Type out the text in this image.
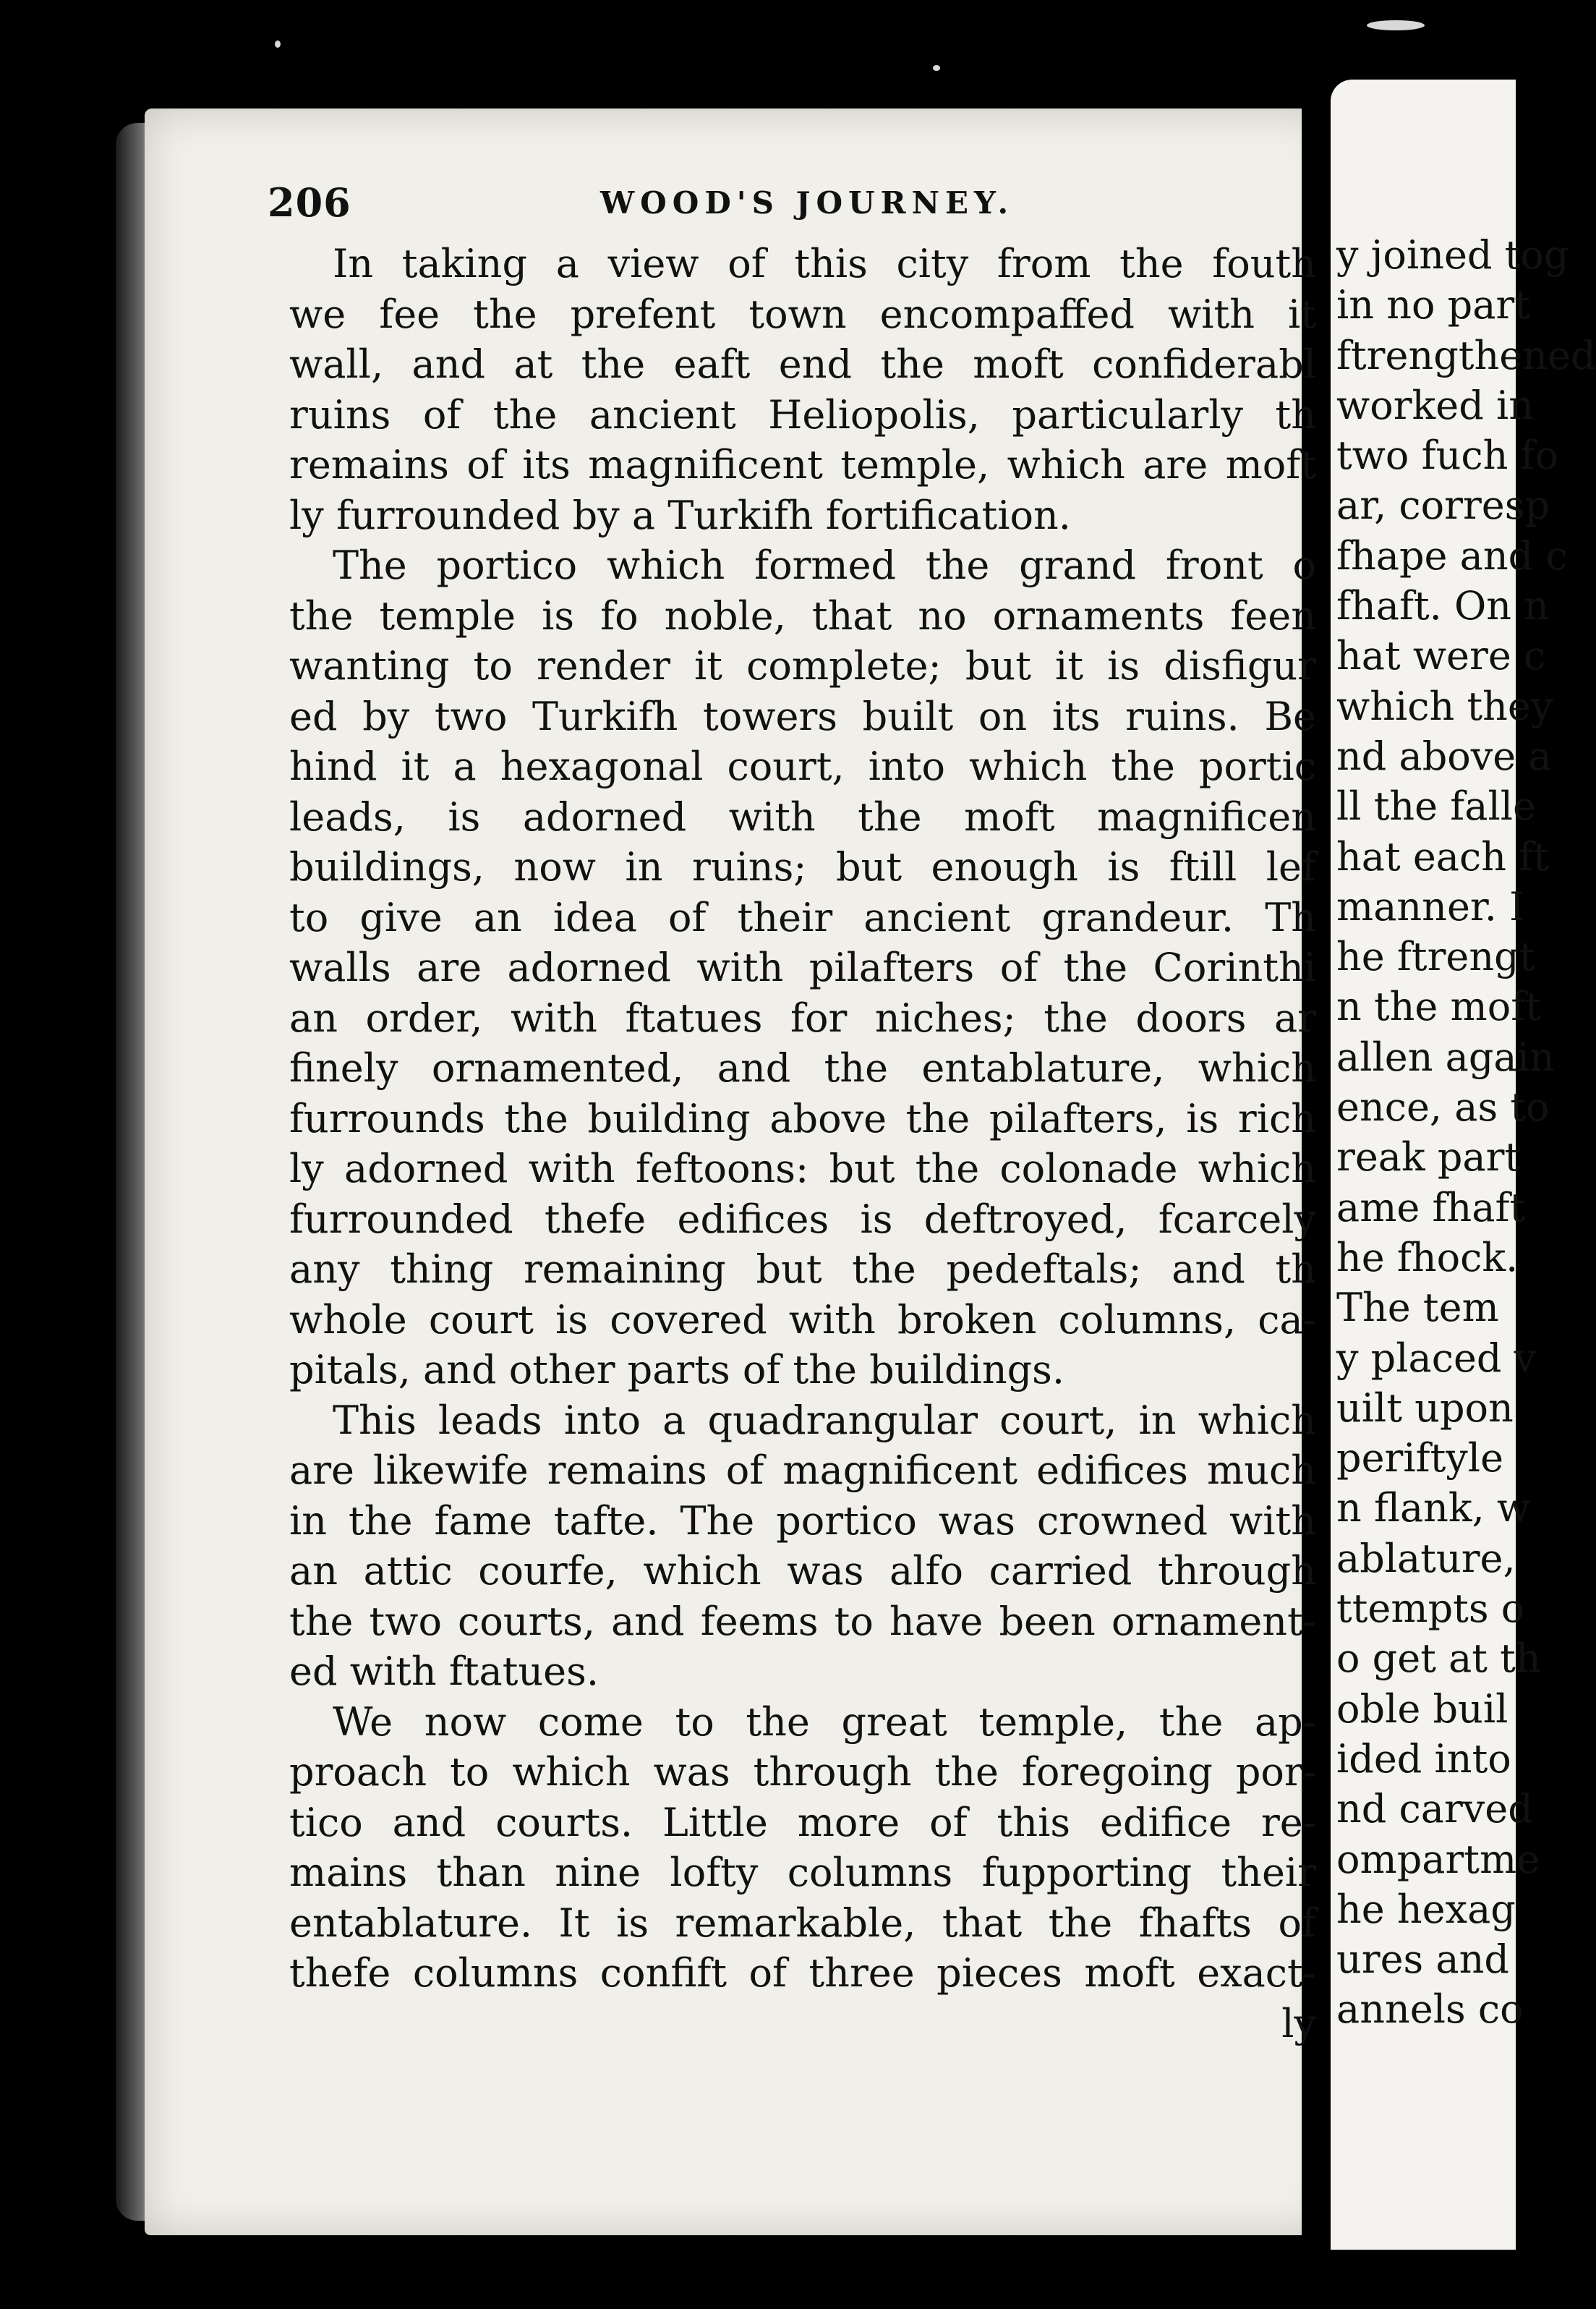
206	WOOD'S JOURNEY.
In taking a view of this city from the fouth
we fee the prefent town encompaffed with it
wall, and at the eaft end the moft confiderabl
ruins of the ancient Heliopolis, particularly th
remains of its magnificent temple, which are moft
ly furrounded by a Turkifh fortification.
The portico which formed the grand front o
the temple is fo noble, that no ornaments feen
wanting to render it complete; but it is disfigur
ed by two Turkifh towers built on its ruins. Be
hind it a hexagonal court, into which the portic
leads, is adorned with the moft magnificen
buildings, now in ruins; but enough is ftill lef
to give an idea of their ancient grandeur. Th
walls are adorned with pilafters of the Corinthi
an order, with ftatues for niches; the doors ar
finely ornamented, and the entablature, which
furrounds the building above the pilafters, is rich
ly adorned with feftoons: but the colonade which
furrounded thefe edifices is deftroyed, fcarcely
any thing remaining but the pedeftals; and th
whole court is covered with broken columns, ca-
pitals, and other parts of the buildings.
This leads into a quadrangular court, in which
are likewife remains of magnificent edifices much
in the fame tafte. The portico was crowned with
an attic courfe, which was alfo carried through
the two courts, and feems to have been ornament-
ed with ftatues.
We now come to the great temple, the ap-
proach to which was through the foregoing por-
tico and courts. Little more of this edifice re-
mains than nine lofty columns fupporting their
entablature. It is remarkable, that the fhafts of
thefe columns confift of three pieces moft exact-
ly
y joined tog
in no part
ftrengthened
worked in
two fuch fo
ar, corresp
fhape and c
fhaft. On n
hat were c
which they
nd above a
ll the falle
hat each ft
manner. I
he ftrengt
n the moft
allen again
ence, as to
reak part
ame fhaft
he fhock.
The tem
y placed v
uilt upon
periftyle
n flank, w
ablature,
ttempts o
o get at th
oble buil
ided into
nd carved
ompartme
he hexag
ures and
annels co
